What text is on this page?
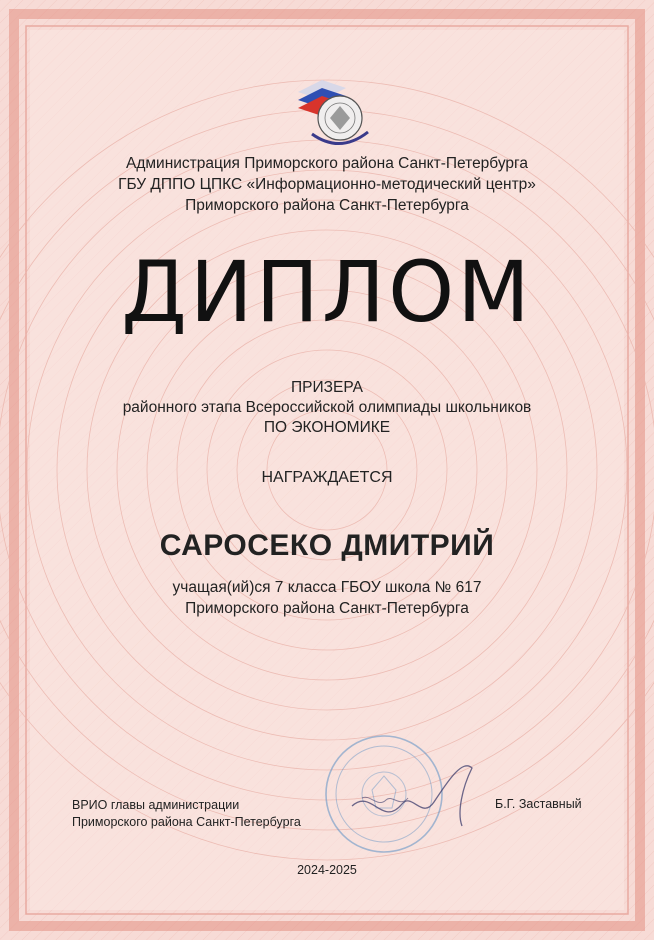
Администрация Приморского района Санкт-Петербурга
ГБУ ДППО ЦПКС «Информационно-методический центр»
Приморского района Санкт-Петербурга
ДИПЛОМ
ПРИЗЕРА
районного этапа Всероссийской олимпиады школьников
ПО ЭКОНОМИКЕ
НАГРАЖДАЕТСЯ
САРОСЕКО ДМИТРИЙ
учащая(ий)ся 7 класса ГБОУ школа № 617
Приморского района Санкт-Петербурга
ВРИО главы администрации
Приморского района Санкт-Петербурга
Б.Г. Заставный
2024-2025
